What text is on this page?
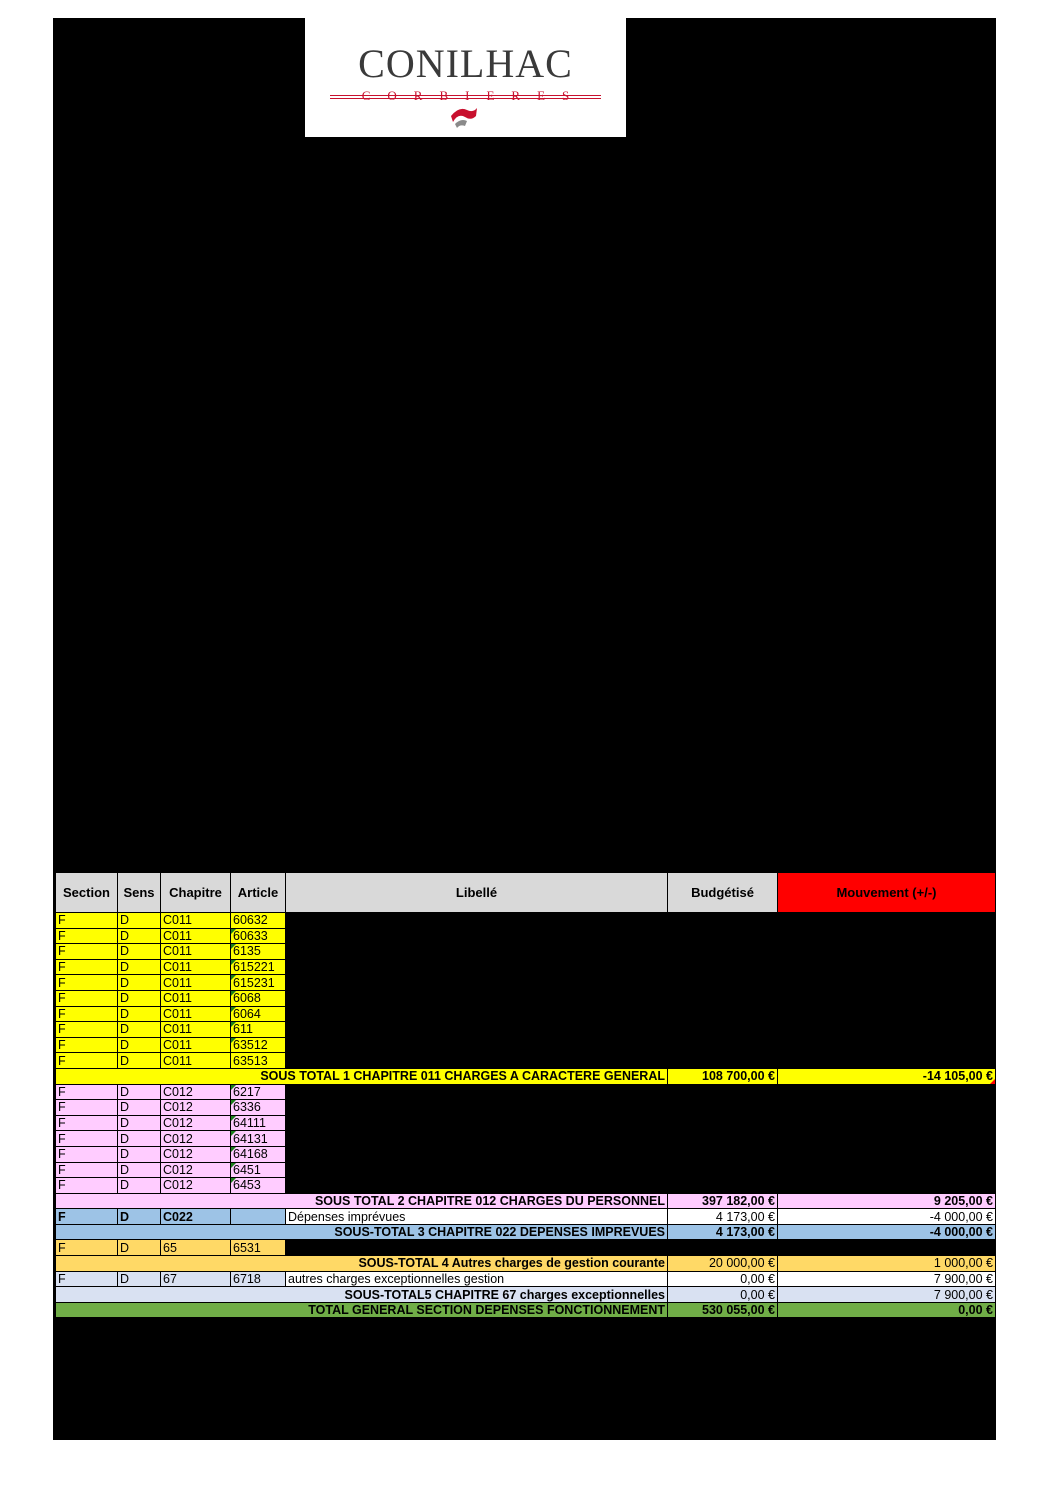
CONILHAC
CORBIERES
Section	Sens	Chapitre	Article	Libellé	Budgétisé	Mouvement (+/-)
F	D	C011	60632			
F	D	C011	60633			
F	D	C011	6135			
F	D	C011	615221			
F	D	C011	615231			
F	D	C011	6068			
F	D	C011	6064			
F	D	C011	611			
F	D	C011	63512			
F	D	C011	63513			
SOUS TOTAL 1 CHAPITRE 011 CHARGES A CARACTERE GENERAL					108 700,00 €	-14 105,00 €

F	D	C012	6217			
F	D	C012	6336			
F	D	C012	64111			
F	D	C012	64131			
F	D	C012	64168			
F	D	C012	6451			
F	D	C012	6453			
SOUS TOTAL 2 CHAPITRE 012 CHARGES DU PERSONNEL					397 182,00 €	9 205,00 €
F	D	C022		Dépenses imprévues	4 173,00 €	-4 000,00 €
SOUS-TOTAL 3 CHAPITRE 022 DEPENSES IMPREVUES					4 173,00 €	-4 000,00 €
F	D	65	6531			
SOUS-TOTAL 4 Autres charges de gestion courante					20 000,00 €	1 000,00 €
F	D	67	6718	autres charges exceptionnelles gestion	0,00 €	7 900,00 €
SOUS-TOTAL5 CHAPITRE 67 charges exceptionnelles					0,00 €	7 900,00 €
TOTAL GENERAL SECTION DEPENSES FONCTIONNEMENT					530 055,00 €	0,00 €
